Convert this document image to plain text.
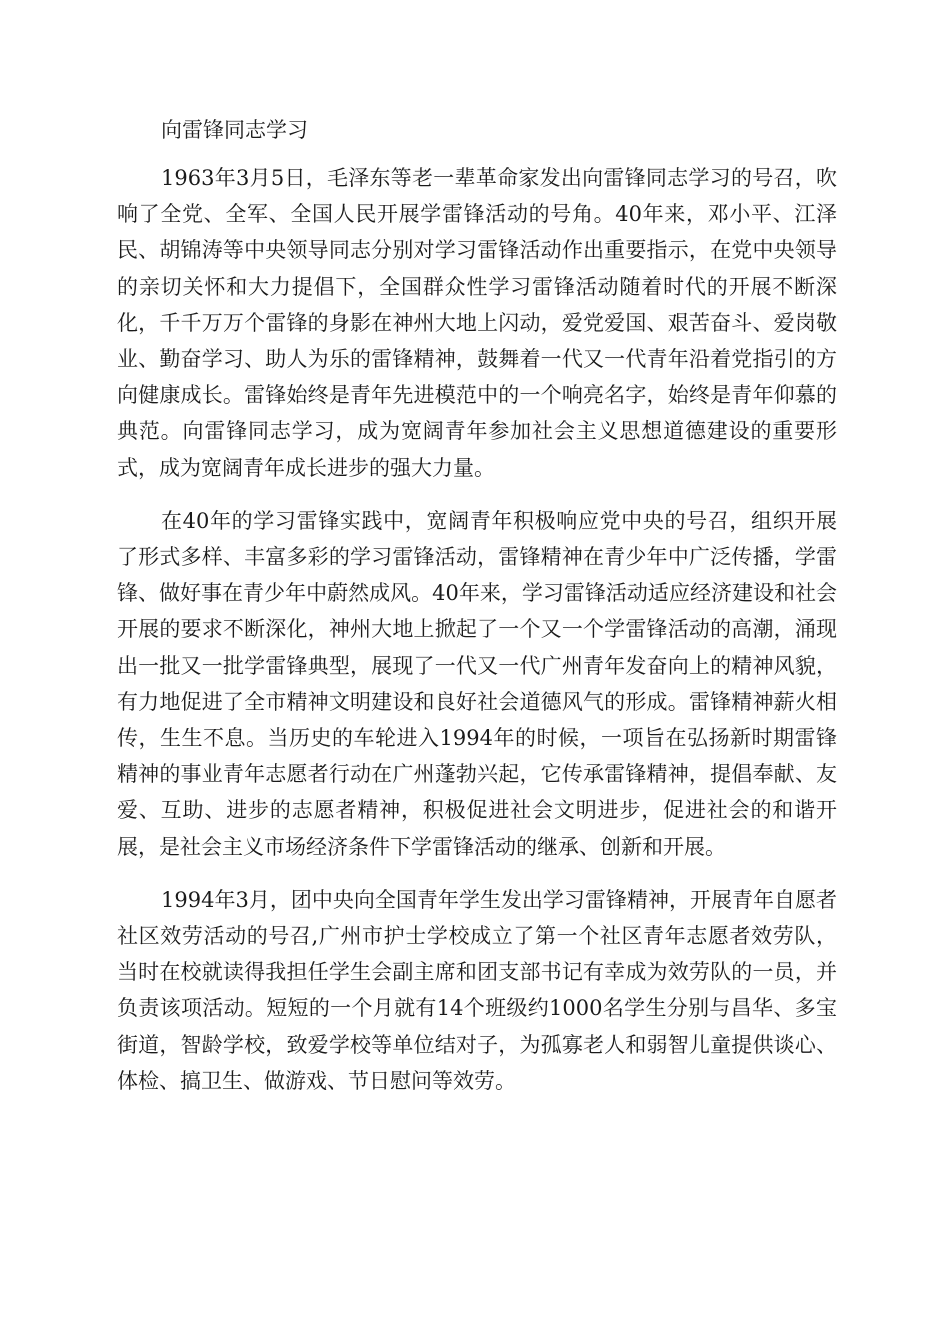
向雷锋同志学习

1963年3月5日，毛泽东等老一辈革命家发出向雷锋同志学习的号召，吹响了全党、全军、全国人民开展学雷锋活动的号角。40年来，邓小平、江泽民、胡锦涛等中央领导同志分别对学习雷锋活动作出重要指示，在党中央领导的亲切关怀和大力提倡下，全国群众性学习雷锋活动随着时代的开展不断深化，千千万万个雷锋的身影在神州大地上闪动，爱党爱国、艰苦奋斗、爱岗敬业、勤奋学习、助人为乐的雷锋精神，鼓舞着一代又一代青年沿着党指引的方向健康成长。雷锋始终是青年先进模范中的一个响亮名字，始终是青年仰慕的典范。向雷锋同志学习，成为宽阔青年参加社会主义思想道德建设的重要形式，成为宽阔青年成长进步的强大力量。

在40年的学习雷锋实践中，宽阔青年积极响应党中央的号召，组织开展了形式多样、丰富多彩的学习雷锋活动，雷锋精神在青少年中广泛传播，学雷锋、做好事在青少年中蔚然成风。40年来，学习雷锋活动适应经济建设和社会开展的要求不断深化，神州大地上掀起了一个又一个学雷锋活动的高潮，涌现出一批又一批学雷锋典型，展现了一代又一代广州青年发奋向上的精神风貌，有力地促进了全市精神文明建设和良好社会道德风气的形成。雷锋精神薪火相传，生生不息。当历史的车轮进入1994年的时候，一项旨在弘扬新时期雷锋精神的事业青年志愿者行动在广州蓬勃兴起，它传承雷锋精神，提倡奉献、友爱、互助、进步的志愿者精神，积极促进社会文明进步，促进社会的和谐开展，是社会主义市场经济条件下学雷锋活动的继承、创新和开展。

1994年3月，团中央向全国青年学生发出学习雷锋精神，开展青年自愿者社区效劳活动的号召,广州市护士学校成立了第一个社区青年志愿者效劳队，当时在校就读得我担任学生会副主席和团支部书记有幸成为效劳队的一员，并负责该项活动。短短的一个月就有14个班级约1000名学生分别与昌华、多宝街道，智龄学校，致爱学校等单位结对子，为孤寡老人和弱智儿童提供谈心、体检、搞卫生、做游戏、节日慰问等效劳。
